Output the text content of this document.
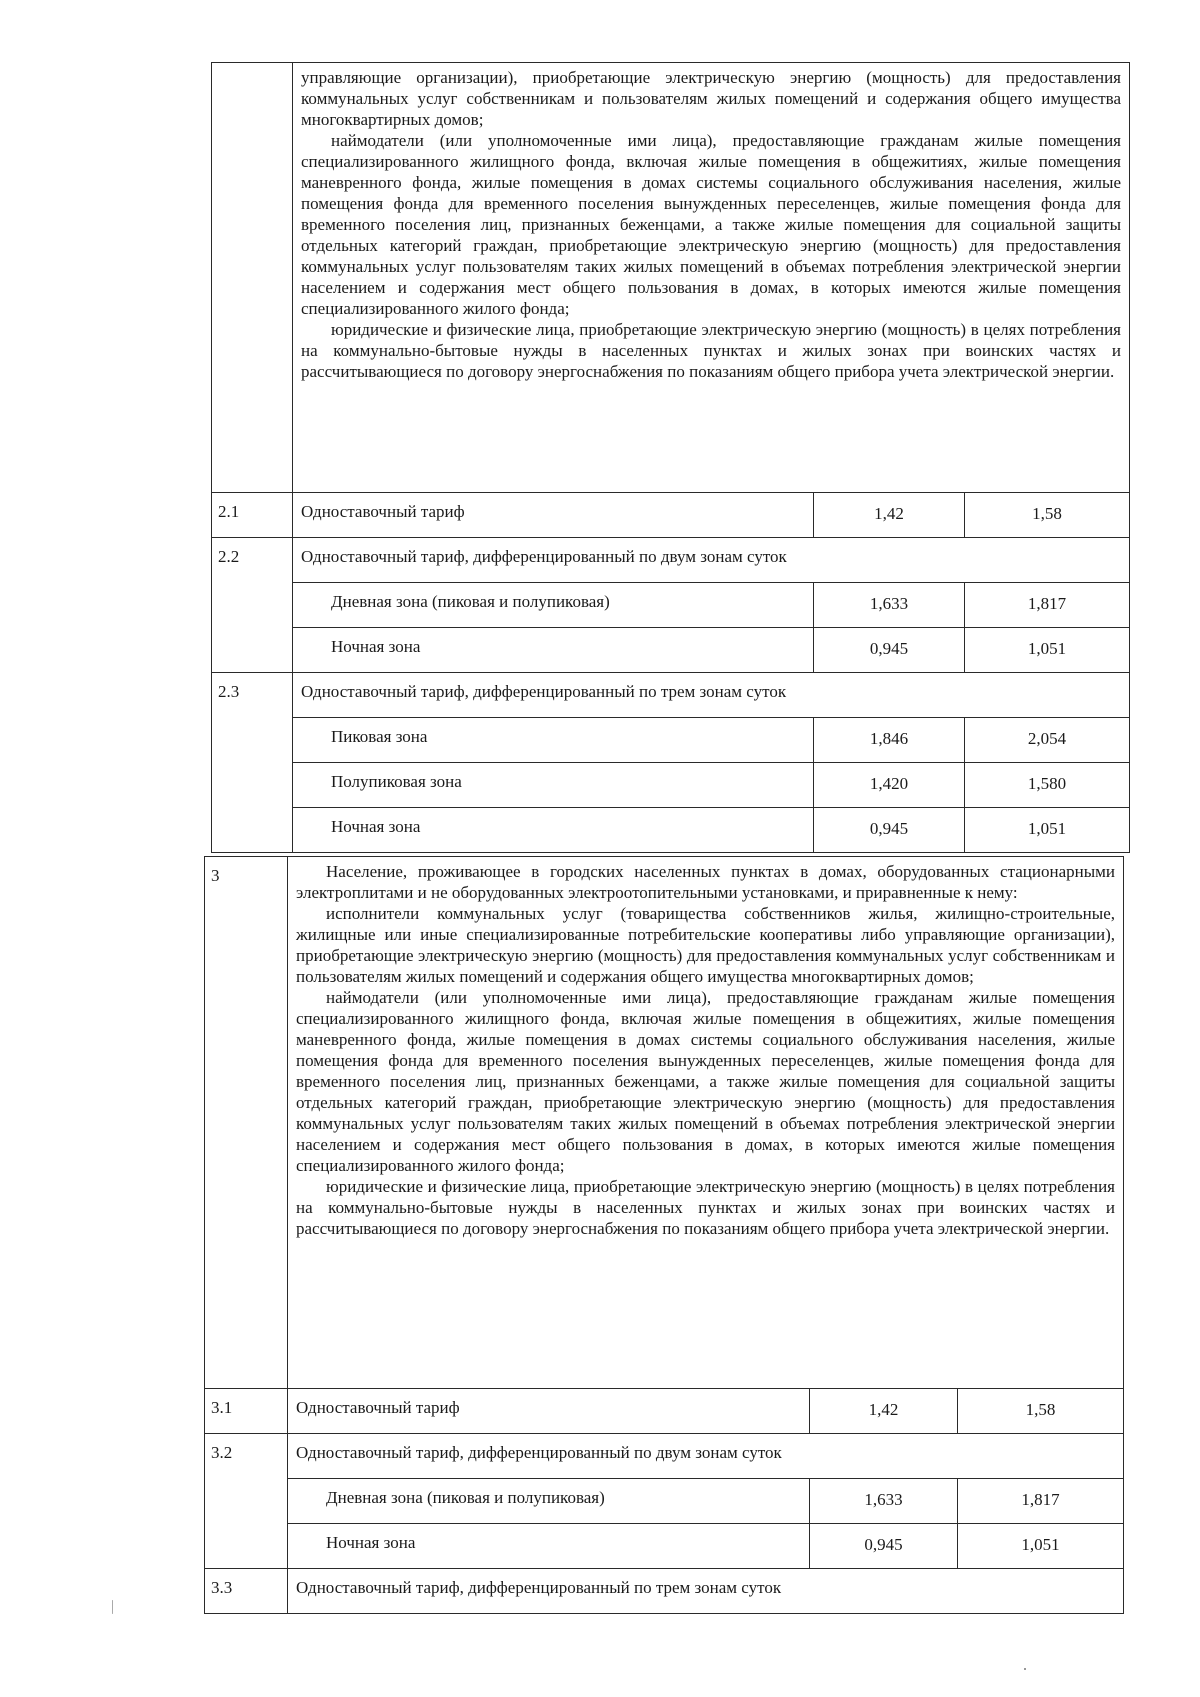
	управляющие организации), приобретающие электрическую энергию (мощность) для предоставления коммунальных услуг собственникам и пользователям жилых помещений и содержания общего имущества многоквартирных домов;

наймодатели (или уполномоченные ими лица), предоставляющие гражданам жилые помещения специализированного жилищного фонда, включая жилые помещения в общежитиях, жилые помещения маневренного фонда, жилые помещения в домах системы социального обслуживания населения, жилые помещения фонда для временного поселения вынужденных переселенцев, жилые помещения фонда для временного поселения лиц, признанных беженцами, а также жилые помещения для социальной защиты отдельных категорий граждан, приобретающие электрическую энергию (мощность) для предоставления коммунальных услуг пользователям таких жилых помещений в объемах потребления электрической энергии населением и содержания мест общего пользования в домах, в которых имеются жилые помещения специализированного жилого фонда;

юридические и физические лица, приобретающие электрическую энергию (мощность) в целях потребления на коммунально-бытовые нужды в населенных пунктах и жилых зонах при воинских частях и рассчитывающиеся по договору энергоснабжения по показаниям общего прибора учета электрической энергии.		

2.1	Одноставочный тариф	1,42	1,58
2.2	Одноставочный тариф, дифференцированный по двум зонам суток		
	Дневная зона (пиковая и полупиковая)	1,633	1,817
	Ночная зона	0,945	1,051
2.3	Одноставочный тариф, дифференцированный по трем зонам суток		
	Пиковая зона	1,846	2,054
	Полупиковая зона	1,420	1,580
	Ночная зона	0,945	1,051
3	Население, проживающее в городских населенных пунктах в домах, оборудованных стационарными электроплитами и не оборудованных электроотопительными установками, и приравненные к нему:

исполнители коммунальных услуг (товарищества собственников жилья, жилищно-строительные, жилищные или иные специализированные потребительские кооперативы либо управляющие организации), приобретающие электрическую энергию (мощность) для предоставления коммунальных услуг собственникам и пользователям жилых помещений и содержания общего имущества многоквартирных домов;

наймодатели (или уполномоченные ими лица), предоставляющие гражданам жилые помещения специализированного жилищного фонда, включая жилые помещения в общежитиях, жилые помещения маневренного фонда, жилые помещения в домах системы социального обслуживания населения, жилые помещения фонда для временного поселения вынужденных переселенцев, жилые помещения фонда для временного поселения лиц, признанных беженцами, а также жилые помещения для социальной защиты отдельных категорий граждан, приобретающие электрическую энергию (мощность) для предоставления коммунальных услуг пользователям таких жилых помещений в объемах потребления электрической энергии населением и содержания мест общего пользования в домах, в которых имеются жилые помещения специализированного жилого фонда;

юридические и физические лица, приобретающие электрическую энергию (мощность) в целях потребления на коммунально-бытовые нужды в населенных пунктах и жилых зонах при воинских частях и рассчитывающиеся по договору энергоснабжения по показаниям общего прибора учета электрической энергии.		

3.1	Одноставочный тариф	1,42	1,58
3.2	Одноставочный тариф, дифференцированный по двум зонам суток		
	Дневная зона (пиковая и полупиковая)	1,633	1,817
	Ночная зона	0,945	1,051
3.3	Одноставочный тариф, дифференцированный по трем зонам суток		
